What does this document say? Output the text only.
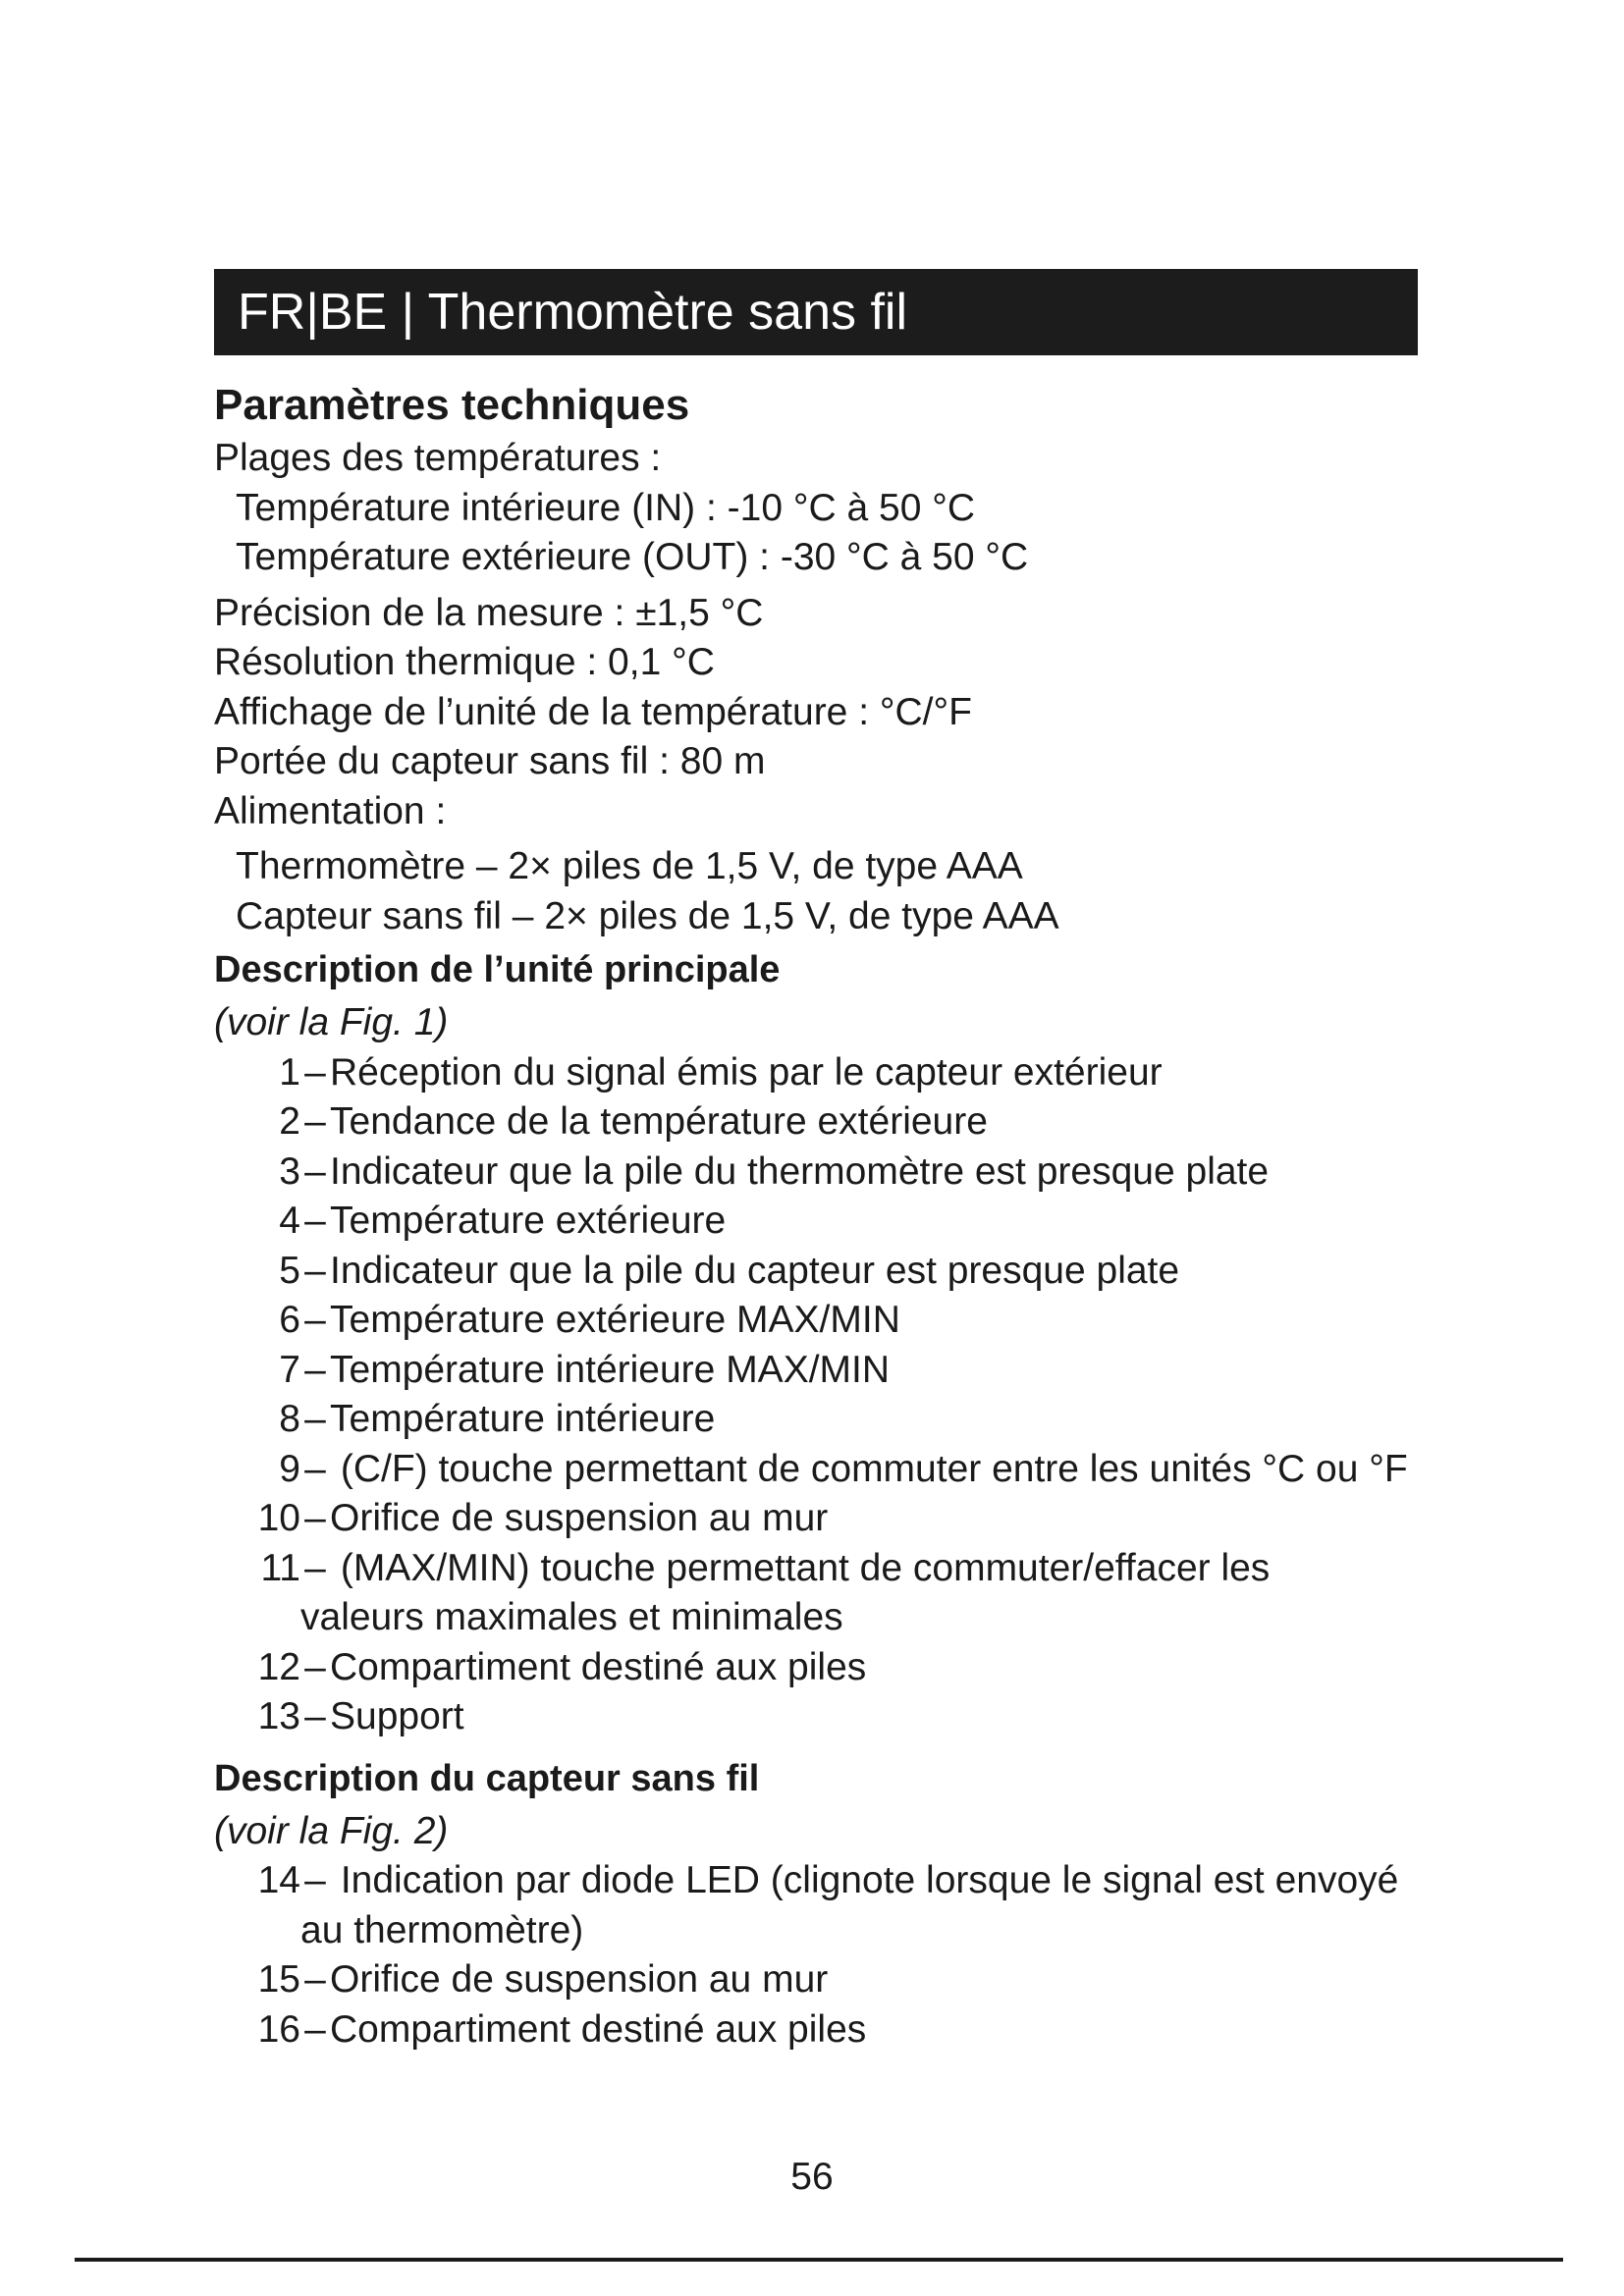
FR|BE | Thermomètre sans fil
Paramètres techniques
Plages des températures :
Température intérieure (IN) : -10 °C à 50 °C
Température extérieure (OUT) : -30 °C à 50 °C
Précision de la mesure : ±1,5 °C
Résolution thermique : 0,1 °C
Affichage de l’unité de la température : °C/°F
Portée du capteur sans fil : 80 m
Alimentation :
Thermomètre – 2× piles de 1,5 V, de type AAA
Capteur sans fil – 2× piles de 1,5 V, de type AAA
Description de l’unité principale
(voir la Fig. 1)
1 – Réception du signal émis par le capteur extérieur
2 – Tendance de la température extérieure
3 – Indicateur que la pile du thermomètre est presque plate
4 – Température extérieure
5 – Indicateur que la pile du capteur est presque plate
6 – Température extérieure MAX/MIN
7 – Température intérieure MAX/MIN
8 – Température intérieure
9 – (C/F) touche permettant de commuter entre les unités °C ou °F
10 – Orifice de suspension au mur
11 – (MAX/MIN) touche permettant de commuter/effacer les
valeurs maximales et minimales
12 – Compartiment destiné aux piles
13 – Support
Description du capteur sans fil
(voir la Fig. 2)
14 – Indication par diode LED (clignote lorsque le signal est envoyé
au thermomètre)
15 – Orifice de suspension au mur
16 – Compartiment destiné aux piles
56
